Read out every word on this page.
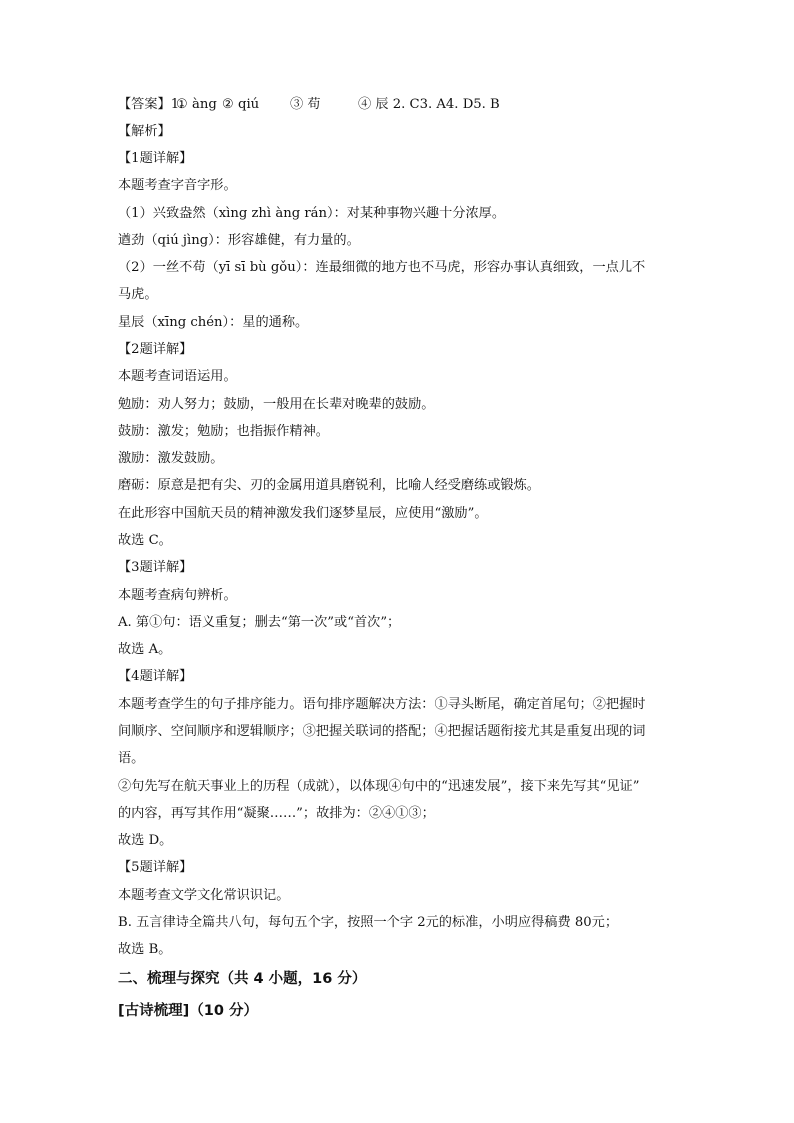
【答案】1.① àng ② qiú ③ 苟	④ 辰 2. C3. A4. D5. B
【解析】
【1题详解】
本题考查字音字形。
（1）兴致盎然（xìng zhì àng rán）：对某种事物兴趣十分浓厚。
遒劲（qiú jìng）：形容雄健，有力量的。
（2）一丝不苟（yī sī bù gǒu）：连最细微的地方也不马虎，形容办事认真细致，一点儿不
马虎。
星辰（xīng chén）：星的通称。
【2题详解】
本题考查词语运用。
勉励：劝人努力；鼓励，一般用在长辈对晚辈的鼓励。
鼓励：激发；勉励；也指振作精神。
激励：激发鼓励。
磨砺：原意是把有尖、刃的金属用道具磨锐利，比喻人经受磨练或锻炼。
在此形容中国航天员的精神激发我们逐梦星辰，应使用“激励”。
故选 C。
【3题详解】
本题考查病句辨析。
A. 第①句：语义重复；删去“第一次”或“首次”；
故选 A。
【4题详解】
本题考查学生的句子排序能力。语句排序题解决方法：①寻头断尾，确定首尾句；②把握时
间顺序、空间顺序和逻辑顺序；③把握关联词的搭配；④把握话题衔接尤其是重复出现的词
语。
②句先写在航天事业上的历程（成就），以体现④句中的“迅速发展”，接下来先写其“见证”
的内容，再写其作用“凝聚……”；故排为：②④①③；
故选 D。
【5题详解】
本题考查文学文化常识识记。
B. 五言律诗全篇共八句，每句五个字，按照一个字 2元的标准，小明应得稿费 80元；
故选 B。
二、梳理与探究（共 4 小题，16 分）
[古诗梳理]（10 分）
